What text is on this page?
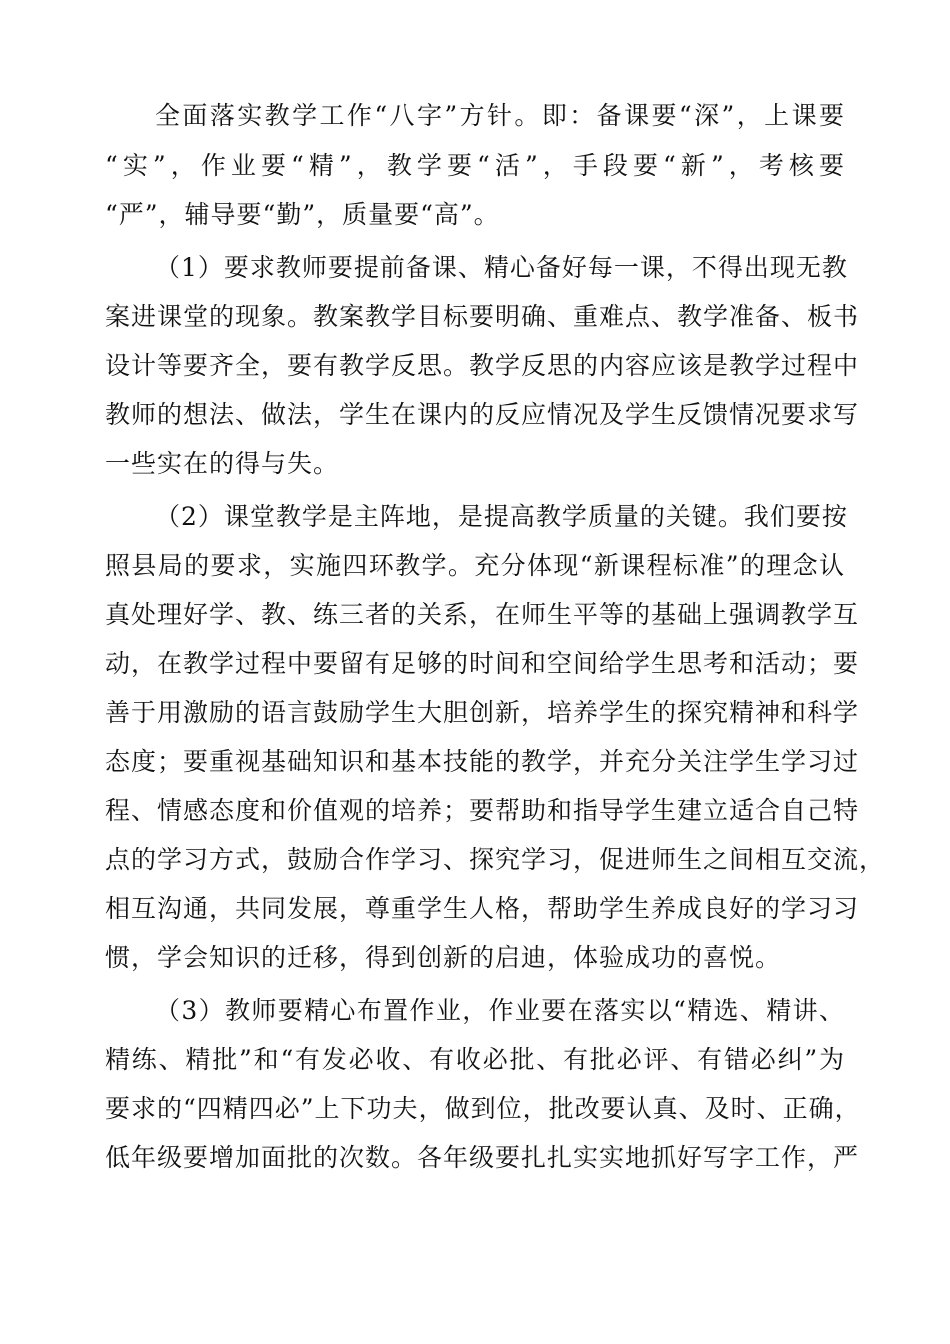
全面落实教学工作“八字”方针。即：备课要“深”，上课要
“实”，作业要“精”，教学要“活”，手段要“新”，考核要
“严”，辅导要“勤”，质量要“高”。
（1）要求教师要提前备课、精心备好每一课，不得出现无教
案进课堂的现象。教案教学目标要明确、重难点、教学准备、板书
设计等要齐全，要有教学反思。教学反思的内容应该是教学过程中
教师的想法、做法，学生在课内的反应情况及学生反馈情况要求写
一些实在的得与失。
（2）课堂教学是主阵地，是提高教学质量的关键。我们要按
照县局的要求，实施四环教学。充分体现“新课程标准”的理念认
真处理好学、教、练三者的关系，在师生平等的基础上强调教学互
动，在教学过程中要留有足够的时间和空间给学生思考和活动；要
善于用激励的语言鼓励学生大胆创新，培养学生的探究精神和科学
态度；要重视基础知识和基本技能的教学，并充分关注学生学习过
程、情感态度和价值观的培养；要帮助和指导学生建立适合自己特
点的学习方式，鼓励合作学习、探究学习，促进师生之间相互交流，
相互沟通，共同发展，尊重学生人格，帮助学生养成良好的学习习
惯，学会知识的迁移，得到创新的启迪，体验成功的喜悦。
（3）教师要精心布置作业，作业要在落实以“精选、精讲、
精练、精批”和“有发必收、有收必批、有批必评、有错必纠”为
要求的“四精四必”上下功夫，做到位，批改要认真、及时、正确，
低年级要增加面批的次数。各年级要扎扎实实地抓好写字工作，严
